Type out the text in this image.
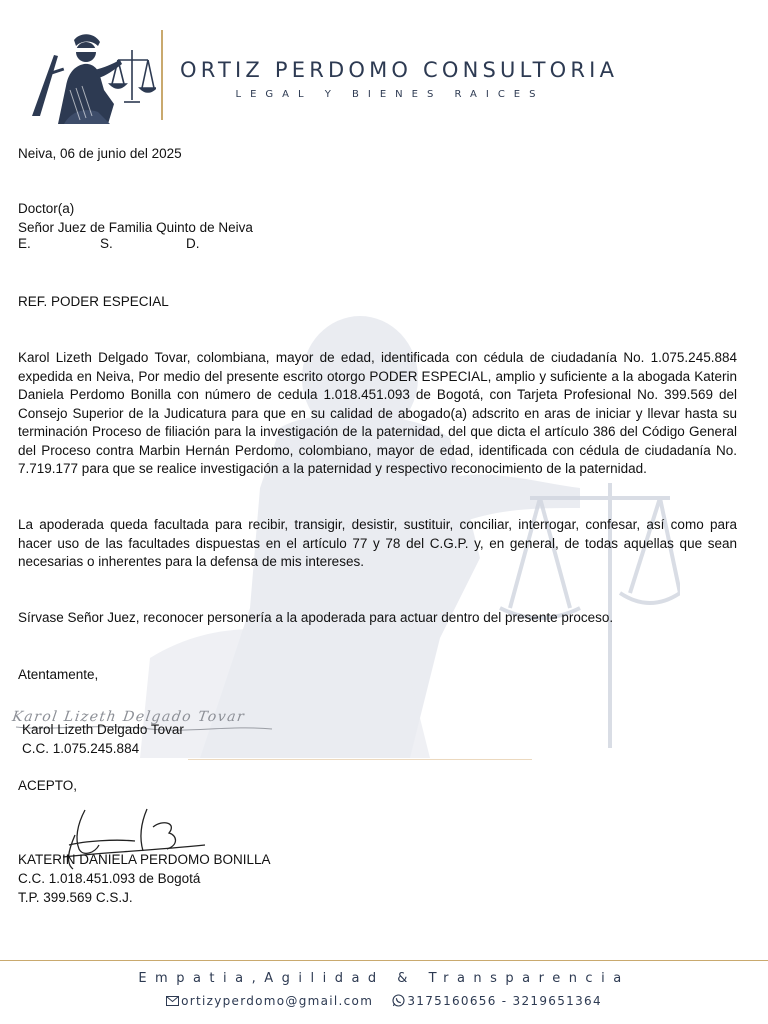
ORTIZ PERDOMO CONSULTORIA
LEGAL Y BIENES RAICES
Neiva, 06 de junio del 2025
Doctor(a)
Señor Juez de Familia Quinto de Neiva
E.	S.	D.
REF. PODER ESPECIAL

Karol Lizeth Delgado Tovar, colombiana, mayor de edad, identificada con cédula de ciudadanía No. 1.075.245.884 expedida en Neiva, Por medio del presente escrito otorgo PODER ESPECIAL, amplio y suficiente a la abogada Katerin Daniela Perdomo Bonilla con número de cedula 1.018.451.093 de Bogotá, con Tarjeta Profesional No. 399.569 del Consejo Superior de la Judicatura para que en su calidad de abogado(a) adscrito en aras de iniciar y llevar hasta su terminación Proceso de filiación para la investigación de la paternidad, del que dicta el artículo 386 del Código General del Proceso contra Marbin Hernán Perdomo, colombiano, mayor de edad, identificada con cédula de ciudadanía No. 7.719.177 para que se realice investigación a la paternidad y respectivo reconocimiento de la paternidad.

La apoderada queda facultada para recibir, transigir, desistir, sustituir, conciliar, interrogar, confesar, así como para hacer uso de las facultades dispuestas en el artículo 77 y 78 del C.G.P. y, en general, de todas aquellas que sean necesarias o inherentes para la defensa de mis intereses.

Sírvase Señor Juez, reconocer personería a la apoderada para actuar dentro del presente proceso.

Atentamente,
Karol Lizeth Delgado Tovar
Karol Lizeth Delgado Tovar
C.C. 1.075.245.884
ACEPTO,
KATERIN DANIELA PERDOMO BONILLA
C.C. 1.018.451.093 de Bogotá
T.P. 399.569 C.S.J.
Empatia,Agilidad & Transparencia
ortizyperdomo@gmail.com	3175160656 - 3219651364
